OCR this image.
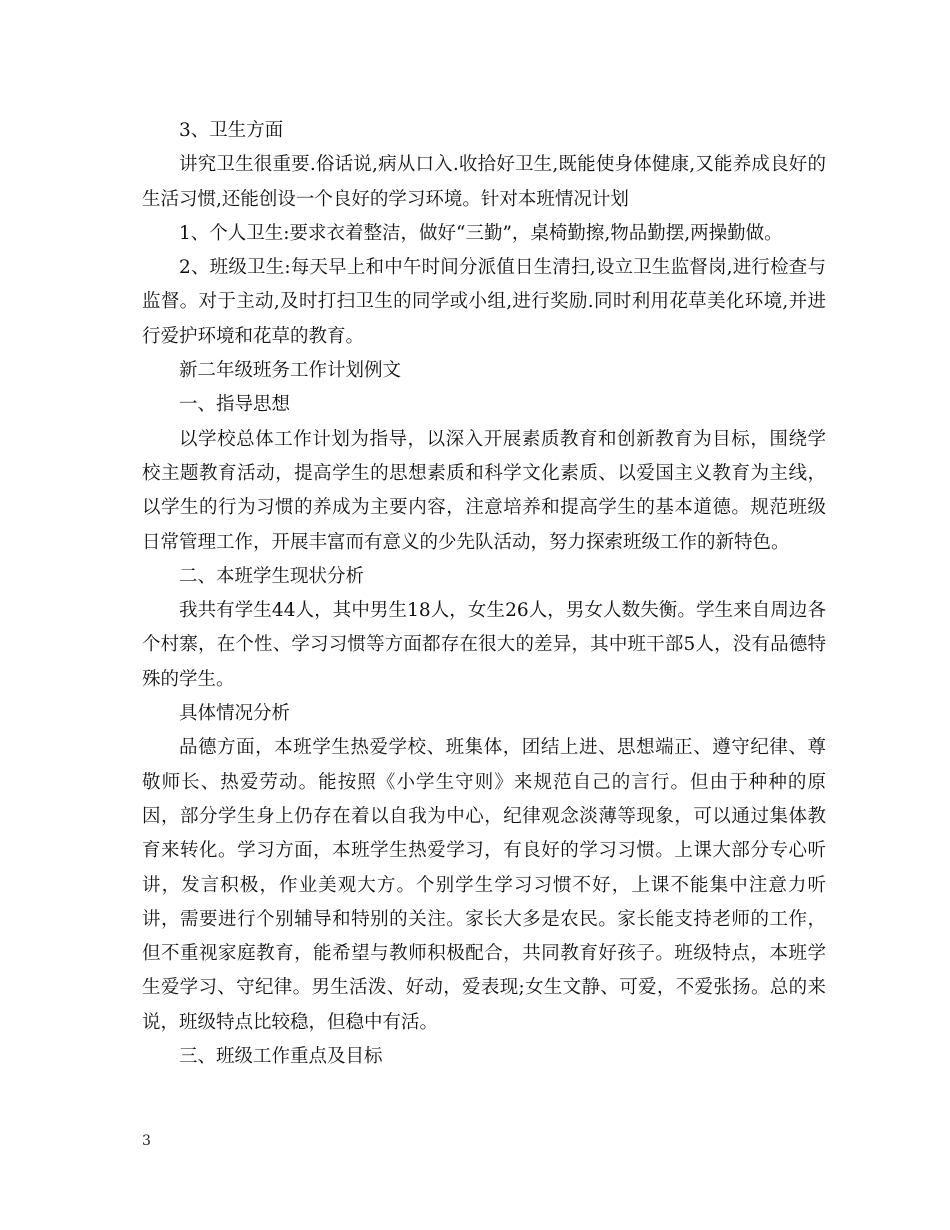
3、卫生方面

讲究卫生很重要.俗话说,病从口入.收拾好卫生,既能使身体健康,又能养成良好的生活习惯,还能创设一个良好的学习环境。针对本班情况计划

1、个人卫生:要求衣着整洁，做好“三勤”，桌椅勤擦,物品勤摆,两操勤做。

2、班级卫生:每天早上和中午时间分派值日生清扫,设立卫生监督岗,进行检查与监督。对于主动,及时打扫卫生的同学或小组,进行奖励.同时利用花草美化环境,并进行爱护环境和花草的教育。

新二年级班务工作计划例文

一、指导思想

以学校总体工作计划为指导，以深入开展素质教育和创新教育为目标，围绕学校主题教育活动，提高学生的思想素质和科学文化素质、以爱国主义教育为主线，以学生的行为习惯的养成为主要内容，注意培养和提高学生的基本道德。规范班级日常管理工作，开展丰富而有意义的少先队活动，努力探索班级工作的新特色。

二、本班学生现状分析

我共有学生44人，其中男生18人，女生26人，男女人数失衡。学生来自周边各个村寨，在个性、学习习惯等方面都存在很大的差异，其中班干部5人，没有品德特殊的学生。

具体情况分析

品德方面，本班学生热爱学校、班集体，团结上进、思想端正、遵守纪律、尊敬师长、热爱劳动。能按照《小学生守则》来规范自己的言行。但由于种种的原因，部分学生身上仍存在着以自我为中心，纪律观念淡薄等现象，可以通过集体教育来转化。学习方面，本班学生热爱学习，有良好的学习习惯。上课大部分专心听讲，发言积极，作业美观大方。个别学生学习习惯不好，上课不能集中注意力听讲，需要进行个别辅导和特别的关注。家长大多是农民。家长能支持老师的工作，但不重视家庭教育，能希望与教师积极配合，共同教育好孩子。班级特点，本班学生爱学习、守纪律。男生活泼、好动，爱表现;女生文静、可爱，不爱张扬。总的来说，班级特点比较稳，但稳中有活。

三、班级工作重点及目标

3
